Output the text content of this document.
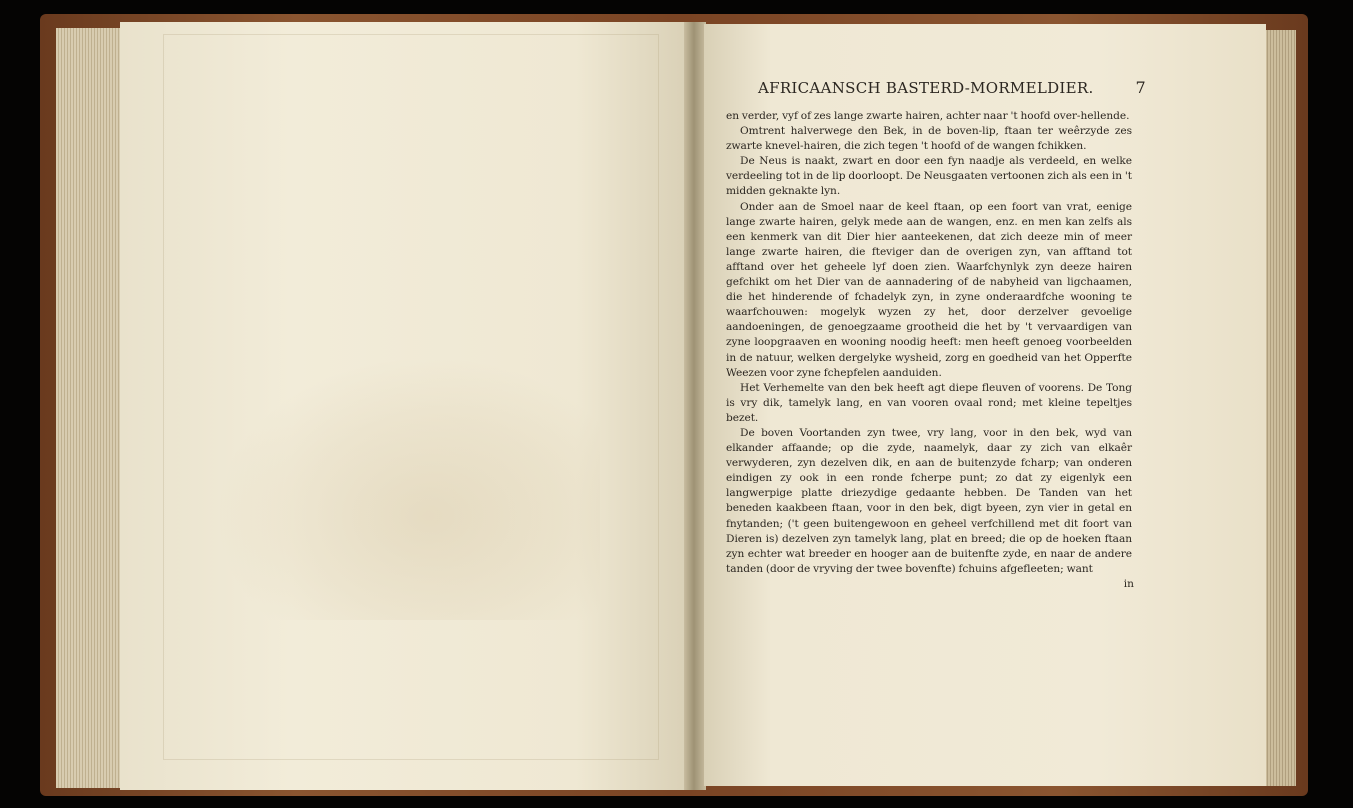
AFRICAANSCH BASTERD-MORMELDIER.	7

en verder, vyf of zes lange zwarte hairen, achter naar 't hoofd over-hellende.

Omtrent halverwege den Bek, in de boven-lip, ftaan ter weêrzyde zes zwarte knevel-hairen, die zich tegen 't hoofd of de wangen fchikken.

De Neus is naakt, zwart en door een fyn naadje als verdeeld, en welke verdeeling tot in de lip doorloopt. De Neusgaaten vertoonen zich als een in 't midden geknakte lyn.

Onder aan de Smoel naar de keel ftaan, op een foort van vrat, eenige lange zwarte hairen, gelyk mede aan de wangen, enz. en men kan zelfs als een kenmerk van dit Dier hier aanteekenen, dat zich deeze min of meer lange zwarte hairen, die fteviger dan de overigen zyn, van afftand tot afftand over het geheele lyf doen zien. Waarfchynlyk zyn deeze hairen gefchikt om het Dier van de aannadering of de nabyheid van ligchaamen, die het hinderende of fchadelyk zyn, in zyne onderaardfche wooning te waarfchouwen: mogelyk wyzen zy het, door derzelver gevoelige aandoeningen, de genoegzaame grootheid die het by 't vervaardigen van zyne loopgraaven en wooning noodig heeft: men heeft genoeg voorbeelden in de natuur, welken dergelyke wysheid, zorg en goedheid van het Opperfte Weezen voor zyne fchepfelen aanduiden.

Het Verhemelte van den bek heeft agt diepe fleuven of voorens. De Tong is vry dik, tamelyk lang, en van vooren ovaal rond; met kleine tepeltjes bezet.

De boven Voortanden zyn twee, vry lang, voor in den bek, wyd van elkander affaande; op die zyde, naamelyk, daar zy zich van elkaêr verwyderen, zyn dezelven dik, en aan de buitenzyde fcharp; van onderen eindigen zy ook in een ronde fcherpe punt; zo dat zy eigenlyk een langwerpige platte driezydige gedaante hebben. De Tanden van het beneden kaakbeen ftaan, voor in den bek, digt byeen, zyn vier in getal en fnytanden; ('t geen buitengewoon en geheel verfchillend met dit foort van Dieren is) dezelven zyn tamelyk lang, plat en breed; die op de hoeken ftaan zyn echter wat breeder en hooger aan de buitenfte zyde, en naar de andere tanden (door de vryving der twee bovenfte) fchuins afgefleeten; want

in
